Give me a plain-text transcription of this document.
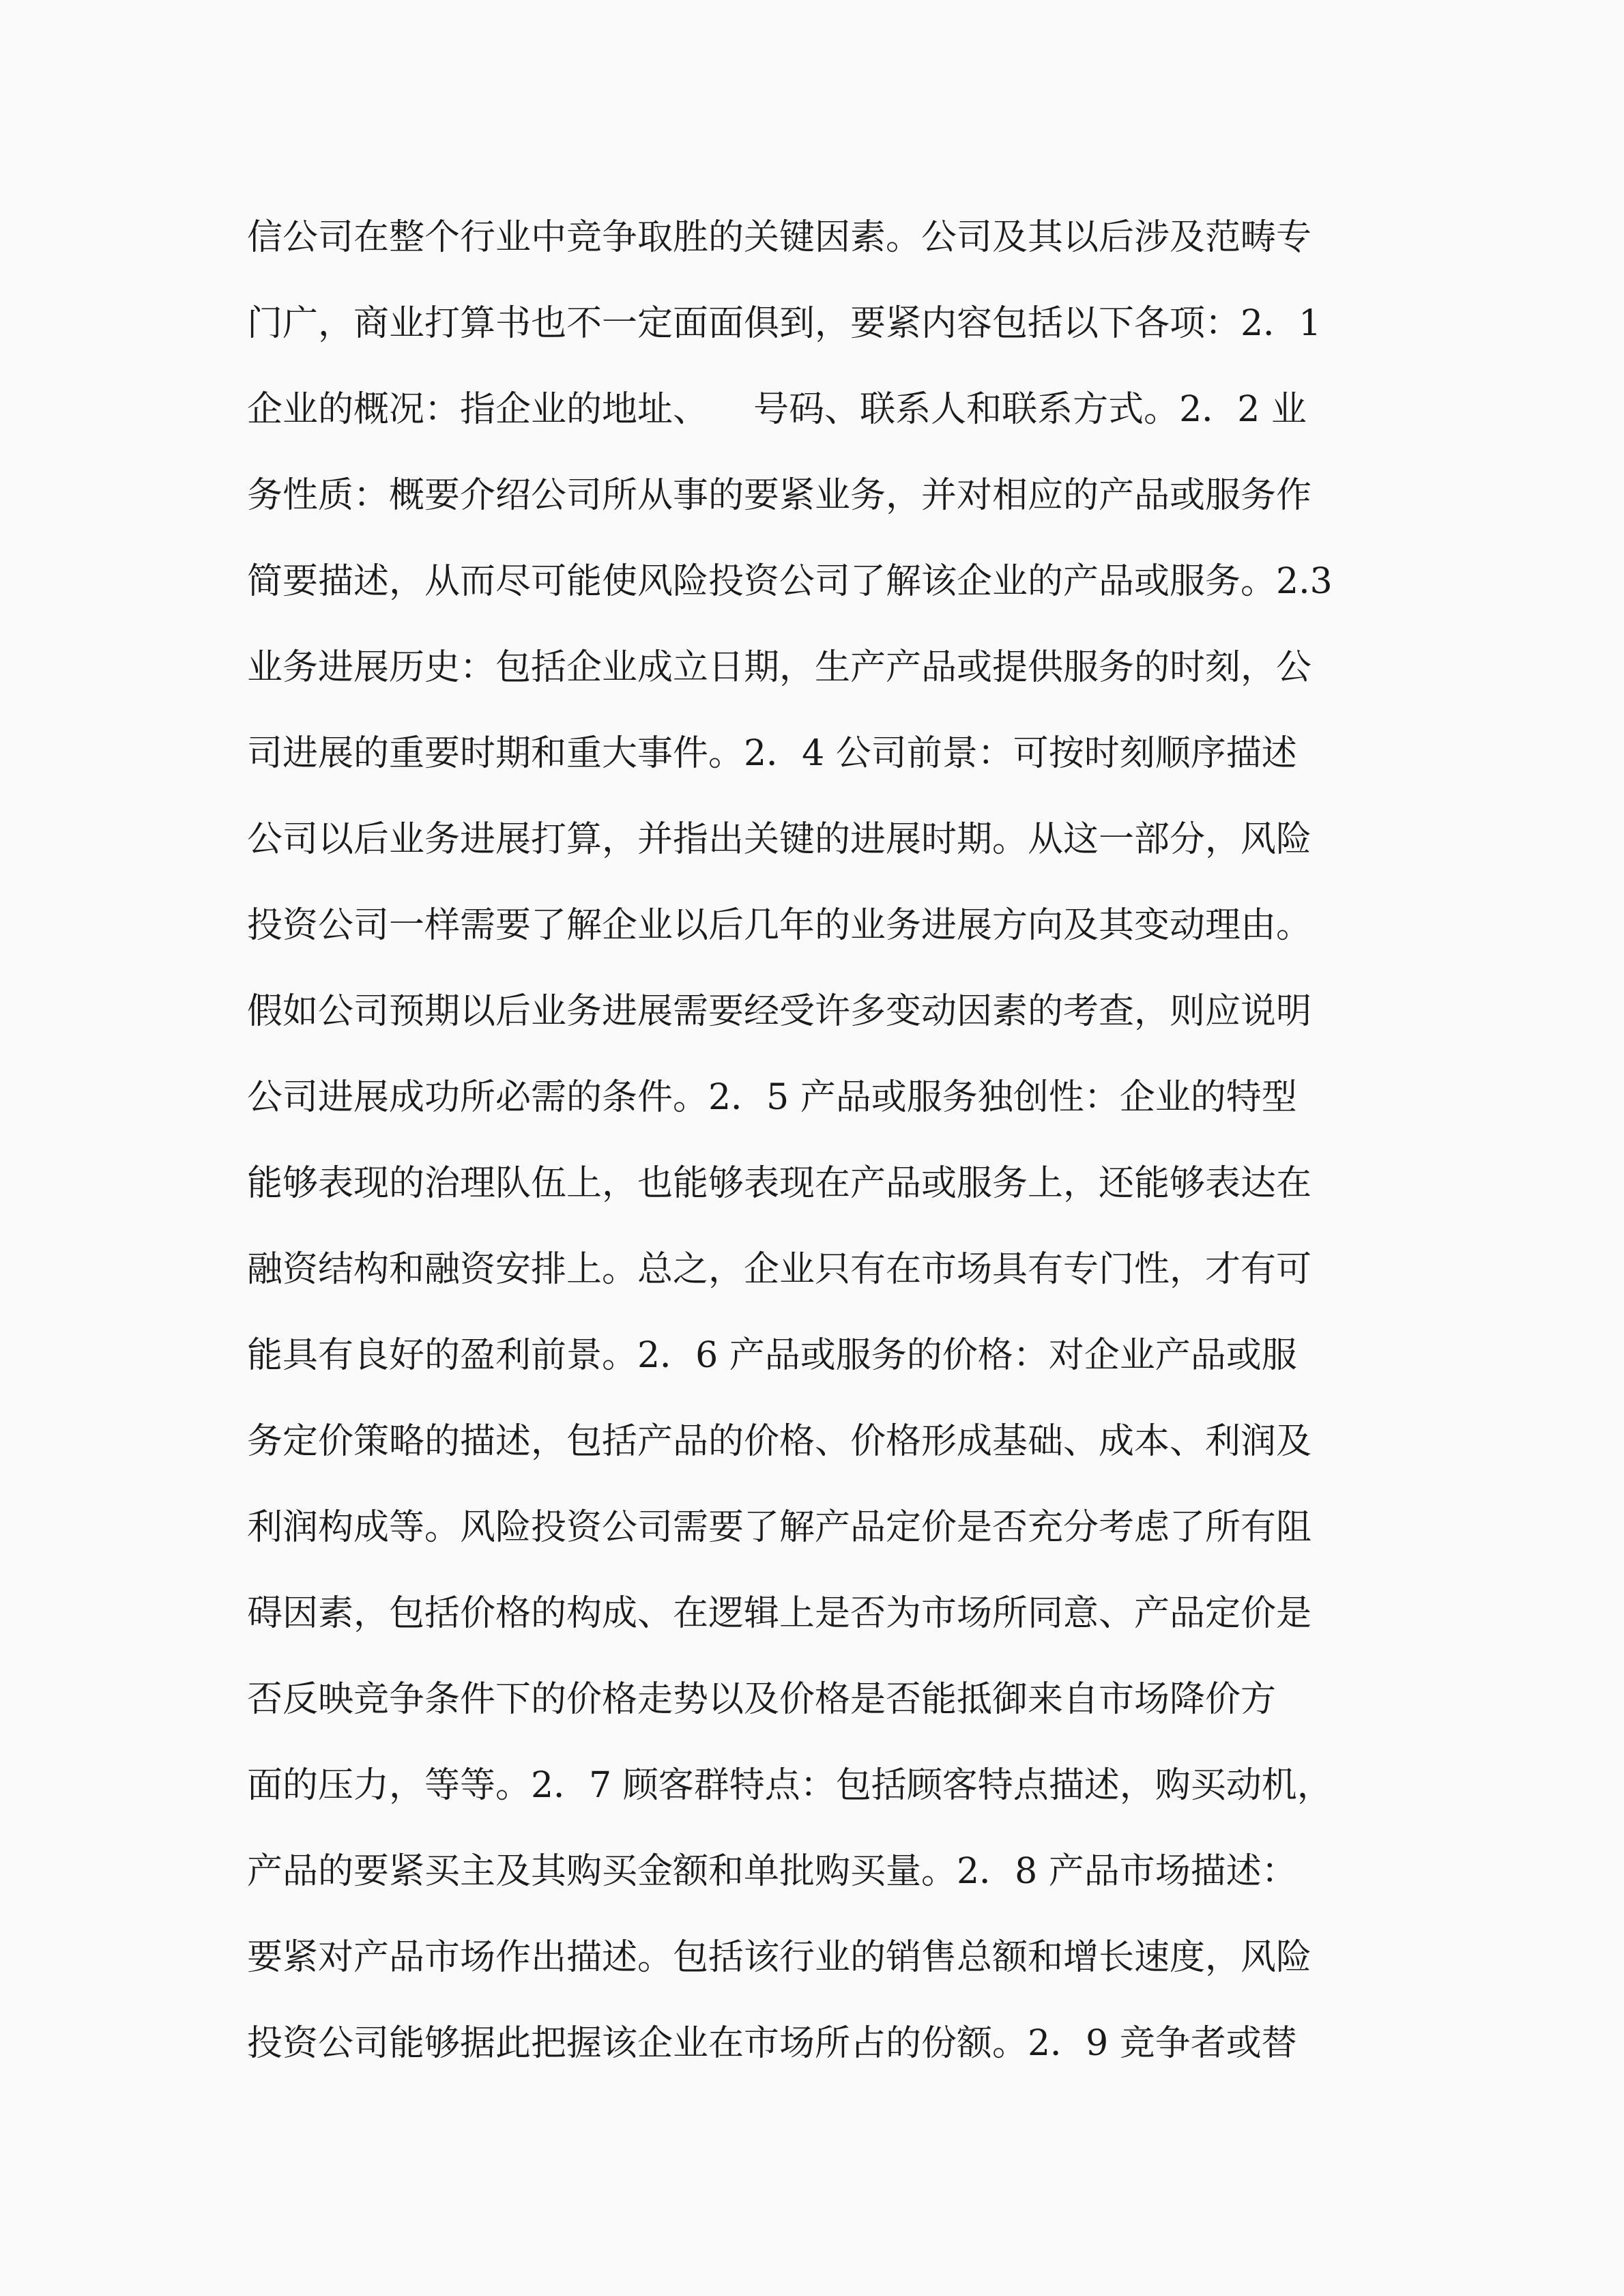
信公司在整个行业中竞争取胜的关键因素。公司及其以后涉及范畴专
门广，商业打算书也不一定面面俱到，要紧内容包括以下各项：2．1
企业的概况：指企业的地址、    号码、联系人和联系方式。2．2 业
务性质：概要介绍公司所从事的要紧业务，并对相应的产品或服务作
简要描述，从而尽可能使风险投资公司了解该企业的产品或服务。2.3
业务进展历史：包括企业成立日期，生产产品或提供服务的时刻，公
司进展的重要时期和重大事件。2．4 公司前景：可按时刻顺序描述
公司以后业务进展打算，并指出关键的进展时期。从这一部分，风险
投资公司一样需要了解企业以后几年的业务进展方向及其变动理由。
假如公司预期以后业务进展需要经受许多变动因素的考查，则应说明
公司进展成功所必需的条件。2．5 产品或服务独创性：企业的特型
能够表现的治理队伍上，也能够表现在产品或服务上，还能够表达在
融资结构和融资安排上。总之，企业只有在市场具有专门性，才有可
能具有良好的盈利前景。2．6 产品或服务的价格：对企业产品或服
务定价策略的描述，包括产品的价格、价格形成基础、成本、利润及
利润构成等。风险投资公司需要了解产品定价是否充分考虑了所有阻
碍因素，包括价格的构成、在逻辑上是否为市场所同意、产品定价是
否反映竞争条件下的价格走势以及价格是否能抵御来自市场降价方
面的压力，等等。2．7 顾客群特点：包括顾客特点描述，购买动机，
产品的要紧买主及其购买金额和单批购买量。2．8 产品市场描述：
要紧对产品市场作出描述。包括该行业的销售总额和增长速度，风险
投资公司能够据此把握该企业在市场所占的份额。2．9 竞争者或替
